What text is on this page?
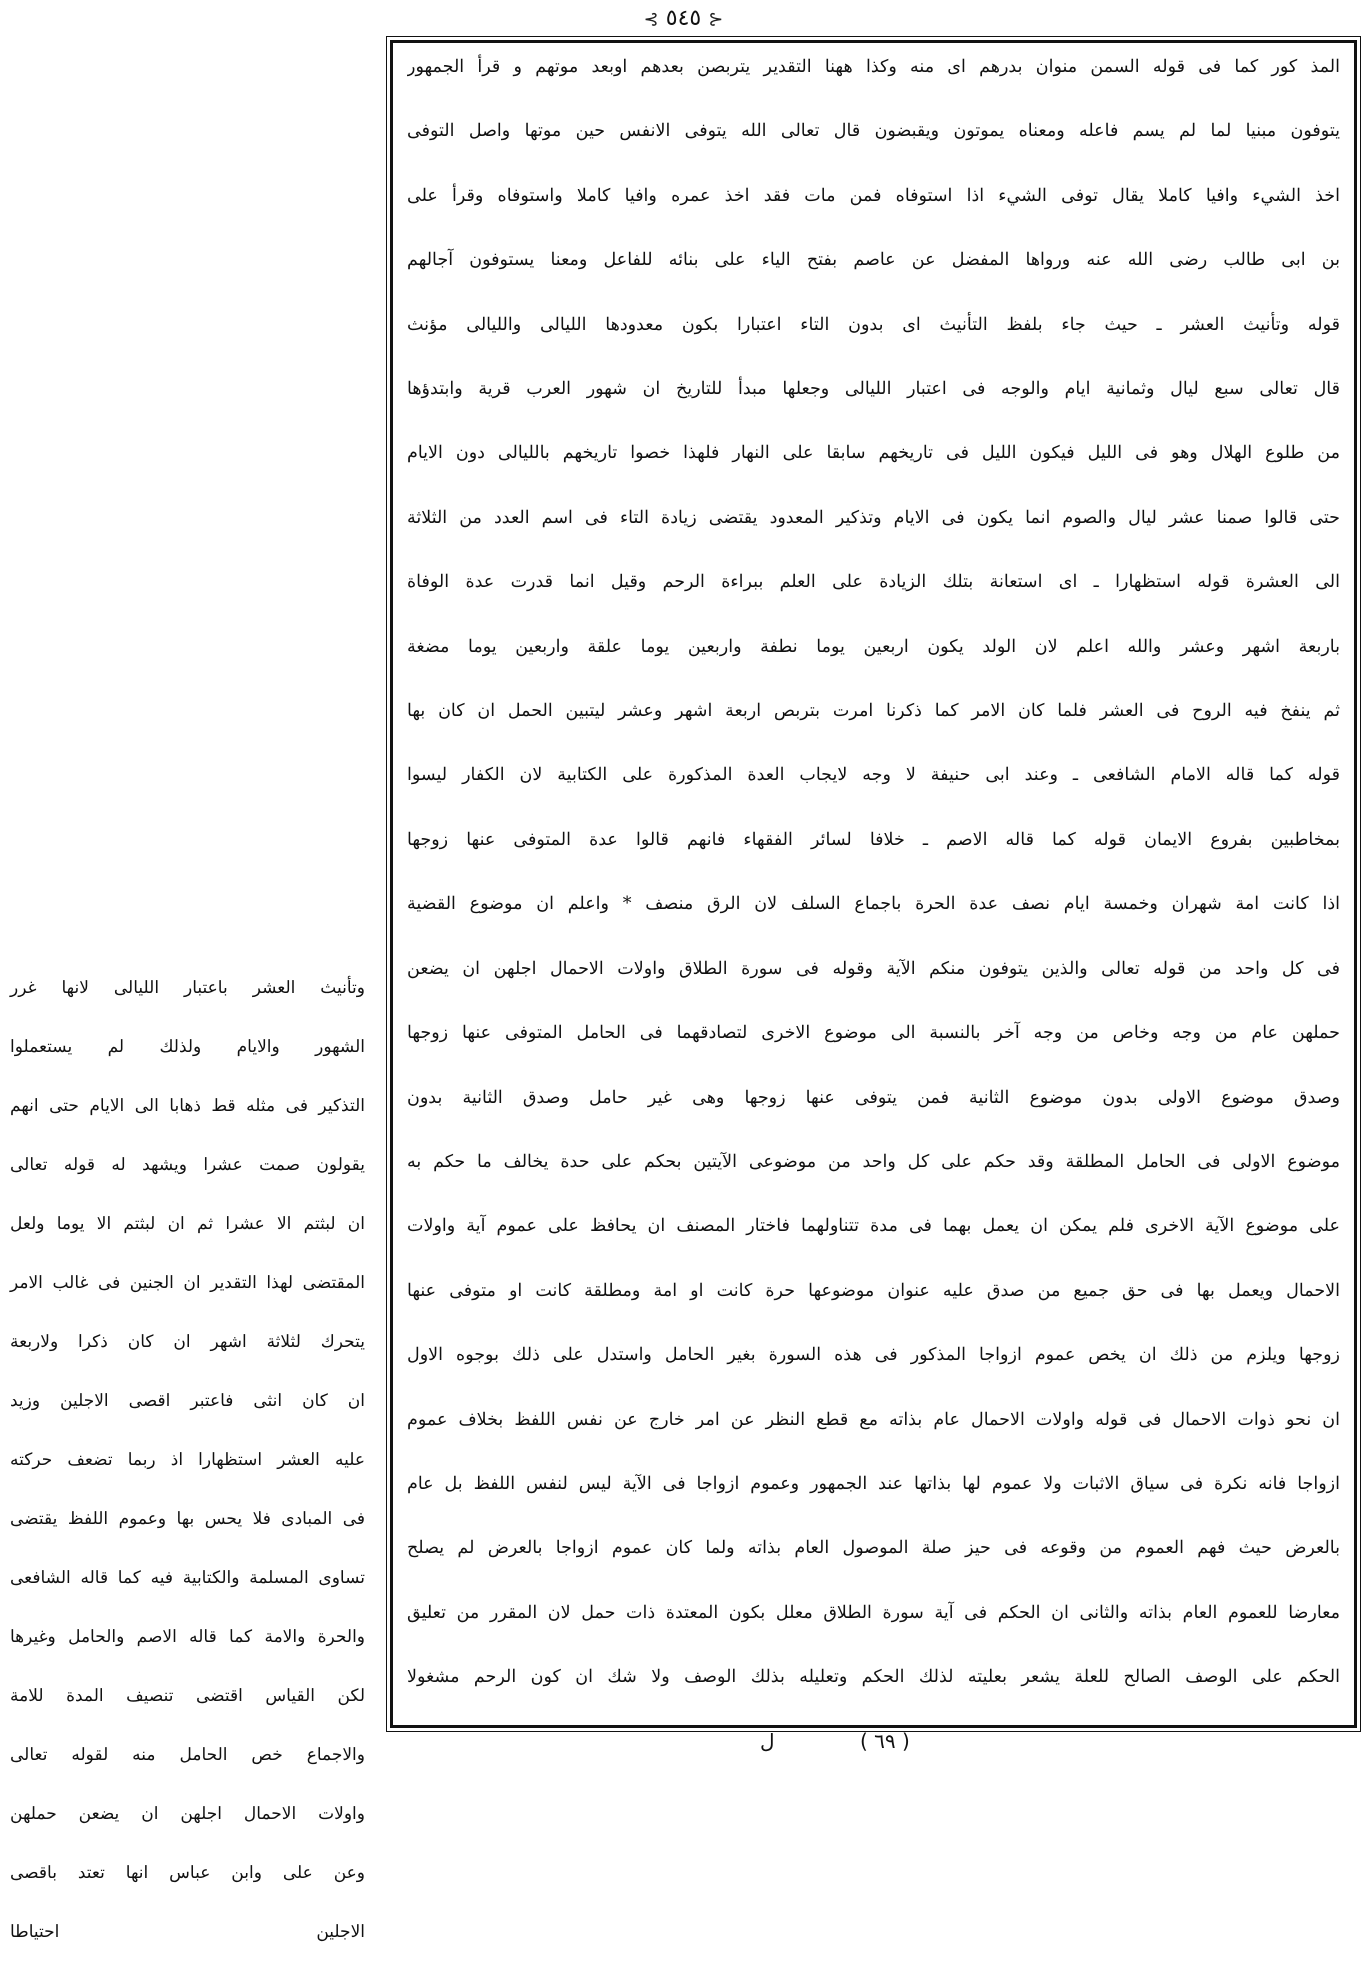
⊰ ٥٤٥ ⊱

المذ كور كما فى قوله السمن منوان بدرهم اى منه وكذا ههنا التقدير يتربصن بعدهم اوبعد موتهم و قرأ الجمهور

يتوفون مبنيا لما لم يسم فاعله ومعناه يموتون ويقبضون قال تعالى الله يتوفى الانفس حين موتها واصل التوفى

اخذ الشيء وافيا كاملا يقال توفى الشيء اذا استوفاه فمن مات فقد اخذ عمره وافيا كاملا واستوفاه وقرأ على

بن ابى طالب رضى الله عنه ورواها المفضل عن عاصم بفتح الياء على بنائه للفاعل ومعنا يستوفون آجالهم

قوله وتأنيث العشر ـ حيث جاء بلفظ التأنيث اى بدون التاء اعتبارا بكون معدودها الليالى والليالى مؤنث

قال تعالى سبع ليال وثمانية ايام والوجه فى اعتبار الليالى وجعلها مبدأ للتاريخ ان شهور العرب قرية وابتدؤها

من طلوع الهلال وهو فى الليل فيكون الليل فى تاريخهم سابقا على النهار فلهذا خصوا تاريخهم بالليالى دون الايام

حتى قالوا صمنا عشر ليال والصوم انما يكون فى الايام وتذكير المعدود يقتضى زيادة التاء فى اسم العدد من الثلاثة

الى العشرة قوله استظهارا ـ اى استعانة بتلك الزيادة على العلم ببراءة الرحم وقيل انما قدرت عدة الوفاة

باربعة اشهر وعشر والله اعلم لان الولد يكون اربعين يوما نطفة واربعين يوما علقة واربعين يوما مضغة

ثم ينفخ فيه الروح فى العشر فلما كان الامر كما ذكرنا امرت بتربص اربعة اشهر وعشر ليتبين الحمل ان كان بها

قوله كما قاله الامام الشافعى ـ وعند ابى حنيفة لا وجه لايجاب العدة المذكورة على الكتابية لان الكفار ليسوا

بمخاطبين بفروع الايمان قوله كما قاله الاصم ـ خلافا لسائر الفقهاء فانهم قالوا عدة المتوفى عنها زوجها

اذا كانت امة شهران وخمسة ايام نصف عدة الحرة باجماع السلف لان الرق منصف * واعلم ان موضوع القضية

فى كل واحد من قوله تعالى والذين يتوفون منكم الآية وقوله فى سورة الطلاق واولات الاحمال اجلهن ان يضعن

حملهن عام من وجه وخاص من وجه آخر بالنسبة الى موضوع الاخرى لتصادقهما فى الحامل المتوفى عنها زوجها

وصدق موضوع الاولى بدون موضوع الثانية فمن يتوفى عنها زوجها وهى غير حامل وصدق الثانية بدون

موضوع الاولى فى الحامل المطلقة وقد حكم على كل واحد من موضوعى الآيتين بحكم على حدة يخالف ما حكم به

على موضوع الآية الاخرى فلم يمكن ان يعمل بهما فى مدة تتناولهما فاختار المصنف ان يحافظ على عموم آية واولات

الاحمال ويعمل بها فى حق جميع من صدق عليه عنوان موضوعها حرة كانت او امة ومطلقة كانت او متوفى عنها

زوجها ويلزم من ذلك ان يخص عموم ازواجا المذكور فى هذه السورة بغير الحامل واستدل على ذلك بوجوه الاول

ان نحو ذوات الاحمال فى قوله واولات الاحمال عام بذاته مع قطع النظر عن امر خارج عن نفس اللفظ بخلاف عموم

ازواجا فانه نكرة فى سياق الاثبات ولا عموم لها بذاتها عند الجمهور وعموم ازواجا فى الآية ليس لنفس اللفظ بل عام

بالعرض حيث فهم العموم من وقوعه فى حيز صلة الموصول العام بذاته ولما كان عموم ازواجا بالعرض لم يصلح

معارضا للعموم العام بذاته والثانى ان الحكم فى آية سورة الطلاق معلل بكون المعتدة ذات حمل لان المقرر من تعليق

الحكم على الوصف الصالح للعلة يشعر بعليته لذلك الحكم وتعليله بذلك الوصف ولا شك ان كون الرحم مشغولا

وتأنيث العشر باعتبار الليالى لانها غرر

الشهور والايام ولذلك لم يستعملوا

التذكير فى مثله قط ذهابا الى الايام حتى انهم

يقولون صمت عشرا ويشهد له قوله تعالى

ان لبثتم الا عشرا ثم ان لبثتم الا يوما ولعل

المقتضى لهذا التقدير ان الجنين فى غالب الامر

يتحرك لثلاثة اشهر ان كان ذكرا ولاربعة

ان كان انثى فاعتبر اقصى الاجلين وزيد

عليه العشر استظهارا اذ ربما تضعف حركته

فى المبادى فلا يحس بها وعموم اللفظ يقتضى

تساوى المسلمة والكتابية فيه كما قاله الشافعى

والحرة والامة كما قاله الاصم والحامل وغيرها

لكن القياس اقتضى تنصيف المدة للامة

والاجماع خص الحامل منه لقوله تعالى

واولات الاحمال اجلهن ان يضعن حملهن

وعن على وابن عباس انها تعتد باقصى

الاجلين احتياطا

( ٦٩ )
ل
